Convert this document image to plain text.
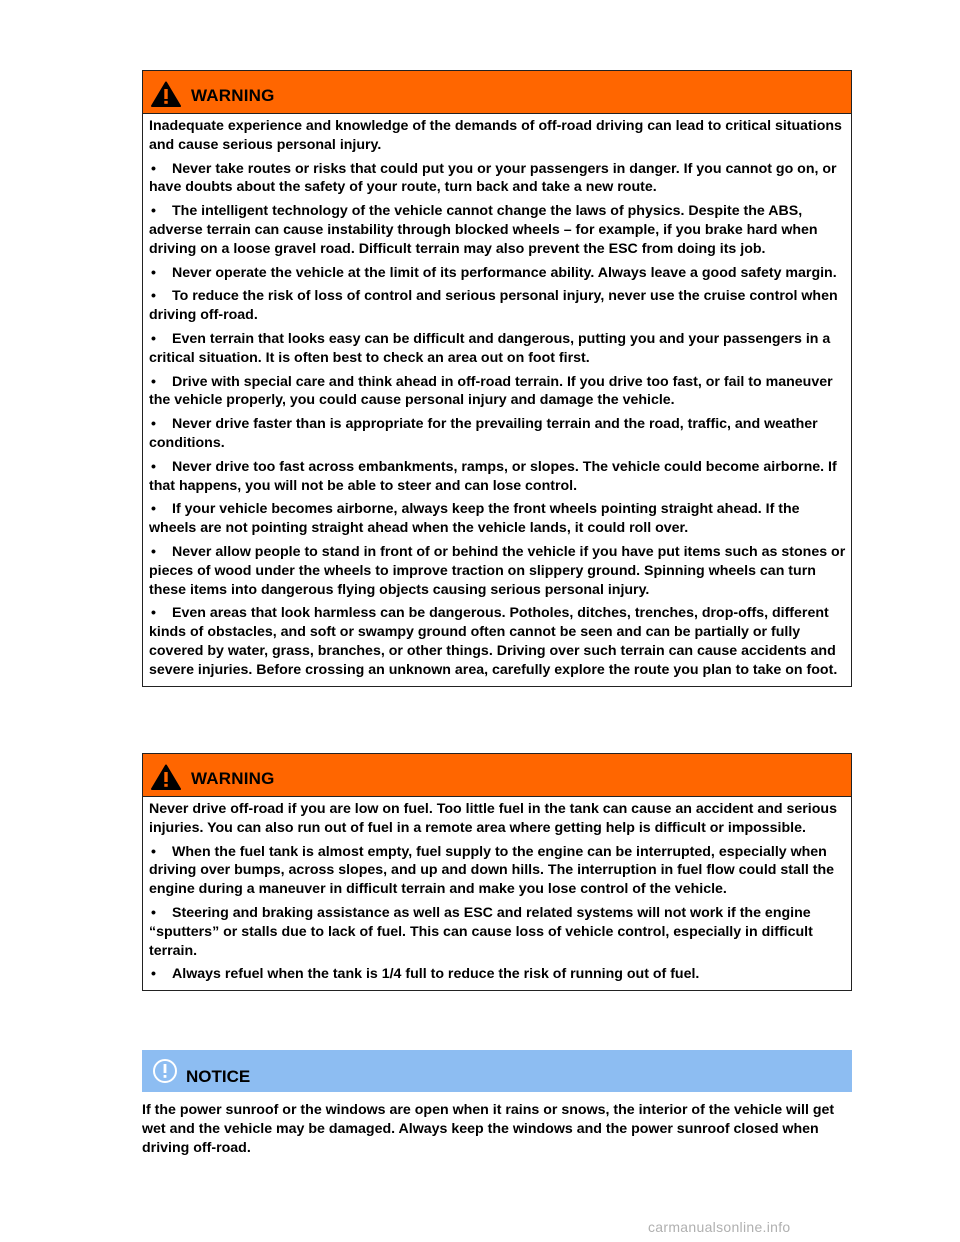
WARNING

Inadequate experience and knowledge of the demands of off-road driving can lead to critical situations and cause serious personal injury.

• Never take routes or risks that could put you or your passengers in danger. If you cannot go on, or have doubts about the safety of your route, turn back and take a new route.
• The intelligent technology of the vehicle cannot change the laws of physics. Despite the ABS, adverse terrain can cause instability through blocked wheels – for example, if you brake hard when driving on a loose gravel road. Difficult terrain may also prevent the ESC from doing its job.
• Never operate the vehicle at the limit of its performance ability. Always leave a good safety margin.
• To reduce the risk of loss of control and serious personal injury, never use the cruise control when driving off-road.
• Even terrain that looks easy can be difficult and dangerous, putting you and your passengers in a critical situation. It is often best to check an area out on foot first.
• Drive with special care and think ahead in off-road terrain. If you drive too fast, or fail to maneuver the vehicle properly, you could cause personal injury and damage the vehicle.
• Never drive faster than is appropriate for the prevailing terrain and the road, traffic, and weather conditions.
• Never drive too fast across embankments, ramps, or slopes. The vehicle could become airborne. If that happens, you will not be able to steer and can lose control.
• If your vehicle becomes airborne, always keep the front wheels pointing straight ahead. If the wheels are not pointing straight ahead when the vehicle lands, it could roll over.
• Never allow people to stand in front of or behind the vehicle if you have put items such as stones or pieces of wood under the wheels to improve traction on slippery ground. Spinning wheels can turn these items into dangerous flying objects causing serious personal injury.
• Even areas that look harmless can be dangerous. Potholes, ditches, trenches, drop-offs, different kinds of obstacles, and soft or swampy ground often cannot be seen and can be partially or fully covered by water, grass, branches, or other things. Driving over such terrain can cause accidents and severe injuries. Before crossing an unknown area, carefully explore the route you plan to take on foot.
WARNING

Never drive off-road if you are low on fuel. Too little fuel in the tank can cause an accident and serious injuries. You can also run out of fuel in a remote area where getting help is difficult or impossible.

• When the fuel tank is almost empty, fuel supply to the engine can be interrupted, especially when driving over bumps, across slopes, and up and down hills. The interruption in fuel flow could stall the engine during a maneuver in difficult terrain and make you lose control of the vehicle.
• Steering and braking assistance as well as ESC and related systems will not work if the engine “sputters” or stalls due to lack of fuel. This can cause loss of vehicle control, especially in difficult terrain.
• Always refuel when the tank is 1/4 full to reduce the risk of running out of fuel.
NOTICE
If the power sunroof or the windows are open when it rains or snows, the interior of the vehicle will get wet and the vehicle may be damaged. Always keep the windows and the power sunroof closed when driving off-road.
carmanualsonline.info
